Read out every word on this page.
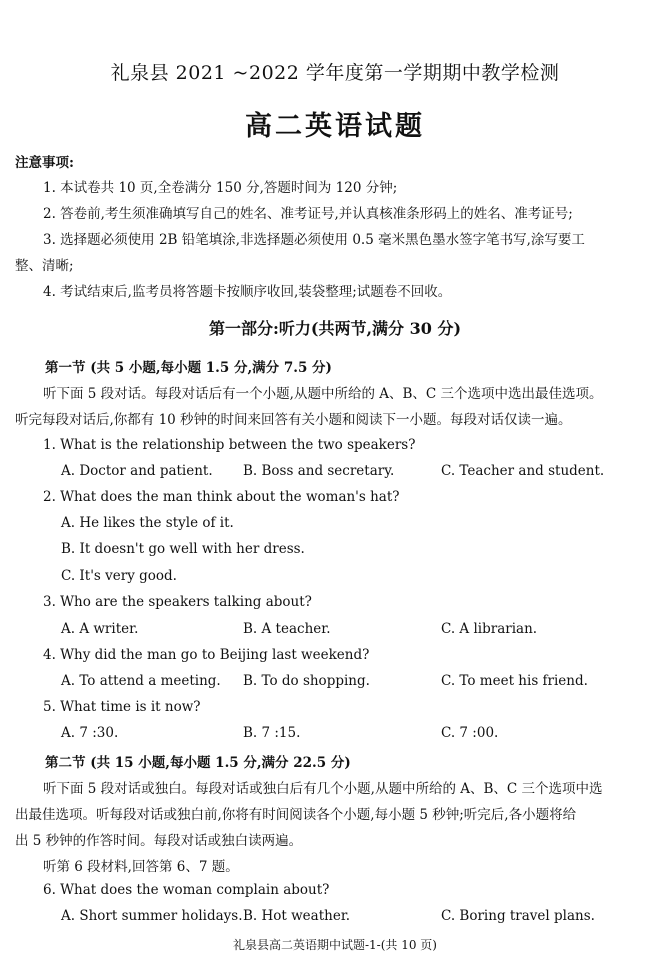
礼泉县 2021 ~2022 学年度第一学期期中教学检测
高二英语试题
注意事项:
1. 本试卷共 10 页,全卷满分 150 分,答题时间为 120 分钟;
2. 答卷前,考生须准确填写自己的姓名、准考证号,并认真核准条形码上的姓名、准考证号;
3. 选择题必须使用 2B 铅笔填涂,非选择题必须使用 0.5 毫米黑色墨水签字笔书写,涂写要工
整、清晰;
4. 考试结束后,监考员将答题卡按顺序收回,装袋整理;试题卷不回收。
第一部分:听力(共两节,满分 30 分)
第一节 (共 5 小题,每小题 1.5 分,满分 7.5 分)
听下面 5 段对话。每段对话后有一个小题,从题中所给的 A、B、C 三个选项中选出最佳选项。
听完每段对话后,你都有 10 秒钟的时间来回答有关小题和阅读下一小题。每段对话仅读一遍。
1. What is the relationship between the two speakers?
A. Doctor and patient. B. Boss and secretary.	C. Teacher and student.
2. What does the man think about the woman's hat?
A. He likes the style of it.
B. It doesn't go well with her dress.
C. It's very good.
3. Who are the speakers talking about?
A. A writer.	B. A teacher.	C. A librarian.
4. Why did the man go to Beijing last weekend?
A. To attend a meeting. B. To do shopping.	C. To meet his friend.
5. What time is it now?
A. 7 :30.	B. 7 :15.	C. 7 :00.
第二节 (共 15 小题,每小题 1.5 分,满分 22.5 分)
听下面 5 段对话或独白。每段对话或独白后有几个小题,从题中所给的 A、B、C 三个选项中选
出最佳选项。听每段对话或独白前,你将有时间阅读各个小题,每小题 5 秒钟;听完后,各小题将给
出 5 秒钟的作答时间。每段对话或独白读两遍。
听第 6 段材料,回答第 6、7 题。
6. What does the woman complain about?
A. Short summer holidays. B. Hot weather.	C. Boring travel plans.
礼泉县高二英语期中试题-1-(共 10 页)
